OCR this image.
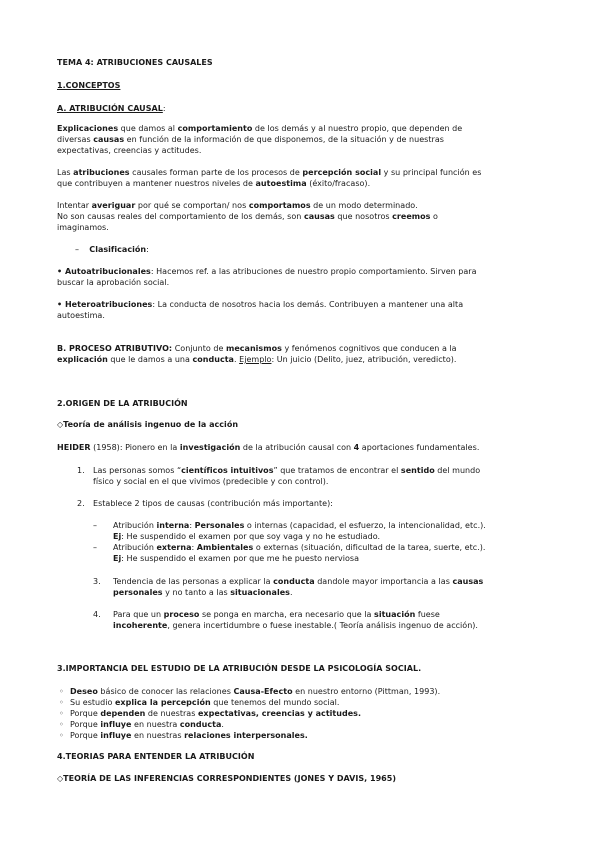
TEMA 4: ATRIBUCIONES CAUSALES

1.CONCEPTOS

A. ATRIBUCIÓN CAUSAL:

Explicaciones que damos al comportamiento de los demás y al nuestro propio, que dependen de

diversas causas en función de la información de que disponemos, de la situación y de nuestras

expectativas, creencias y actitudes.

Las atribuciones causales forman parte de los procesos de percepción social y su principal función es

que contribuyen a mantener nuestros niveles de autoestima (éxito/fracaso).

Intentar averiguar por qué se comportan/ nos comportamos de un modo determinado.

No son causas reales del comportamiento de los demás, son causas que nosotros creemos o

imaginamos.

– Clasificación:

• Autoatribucionales: Hacemos ref. a las atribuciones de nuestro propio comportamiento. Sirven para

buscar la aprobación social.

• Heteroatribuciones: La conducta de nosotros hacia los demás. Contribuyen a mantener una alta

autoestima.

B. PROCESO ATRIBUTIVO: Conjunto de mecanismos y fenómenos cognitivos que conducen a la

explicación que le damos a una conducta. Ejemplo: Un juicio (Delito, juez, atribución, veredicto).

2.ORIGEN DE LA ATRIBUCIÓN

◇Teoría de análisis ingenuo de la acción

HEIDER (1958): Pionero en la investigación de la atribución causal con 4 aportaciones fundamentales.

1. Las personas somos “científicos intuitivos” que tratamos de encontrar el sentido del mundo

físico y social en el que vivimos (predecible y con control).

2. Establece 2 tipos de causas (contribución más importante):

– Atribución interna: Personales o internas (capacidad, el esfuerzo, la intencionalidad, etc.).

Ej: He suspendido el examen por que soy vaga y no he estudiado.

– Atribución externa: Ambientales o externas (situación, dificultad de la tarea, suerte, etc.).

Ej: He suspendido el examen por que me he puesto nerviosa

3. Tendencia de las personas a explicar la conducta dandole mayor importancia a las causas

personales y no tanto a las situacionales.

4. Para que un proceso se ponga en marcha, era necesario que la situación fuese

incoherente, genera incertidumbre o fuese inestable.( Teoría análisis ingenuo de acción).

3.IMPORTANCIA DEL ESTUDIO DE LA ATRIBUCIÓN DESDE LA PSICOLOGÍA SOCIAL.

◦ Deseo básico de conocer las relaciones Causa-Efecto en nuestro entorno (Pittman, 1993).

◦ Su estudio explica la percepción que tenemos del mundo social.

◦ Porque dependen de nuestras expectativas, creencias y actitudes.

◦ Porque influye en nuestra conducta.

◦ Porque influye en nuestras relaciones interpersonales.

4.TEORIAS PARA ENTENDER LA ATRIBUCIÓN

◇TEORÍA DE LAS INFERENCIAS CORRESPONDIENTES (JONES Y DAVIS, 1965)
